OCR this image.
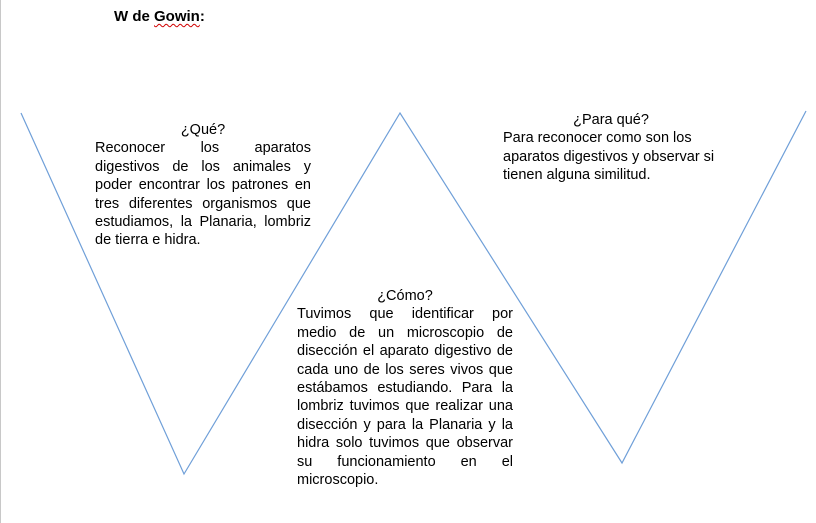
W de Gowin:
¿Qué?
Reconocer los aparatos digestivos de los animales y poder encontrar los patrones en tres diferentes organismos que estudiamos, la Planaria, lombriz de tierra e hidra.
¿Para qué?
Para reconocer como son los aparatos digestivos y observar si tienen alguna similitud.
¿Cómo?
Tuvimos que identificar por medio de un microscopio de disección el aparato digestivo de cada uno de los seres vivos que estábamos estudiando. Para la lombriz tuvimos que realizar una disección y para la Planaria y la hidra solo tuvimos que observar su funcionamiento en el microscopio.
